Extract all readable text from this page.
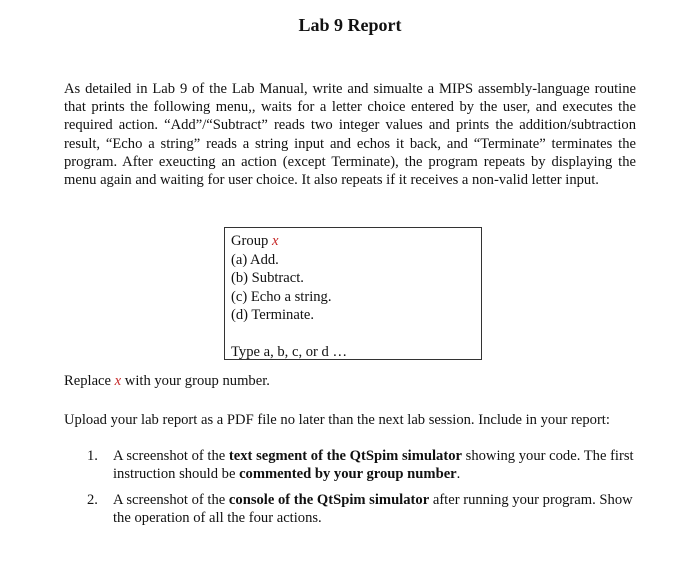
Lab 9 Report
As detailed in Lab 9 of the Lab Manual, write and simualte a MIPS assembly-language routine that prints the following menu,, waits for a letter choice entered by the user, and executes the required action. “Add”/“Subtract” reads two integer values and prints the addition/subtraction result, “Echo a string” reads a string input and echos it back, and “Terminate” terminates the program. After exeucting an action (except Terminate), the program repeats by displaying the menu again and waiting for user choice. It also repeats if it receives a non-valid letter input.
Group x
(a) Add.
(b) Subtract.
(c) Echo a string.
(d) Terminate.
Type a, b, c, or d …
Replace x with your group number.
Upload your lab report as a PDF file no later than the next lab session. Include in your report:
1. A screenshot of the text segment of the QtSpim simulator showing your code. The first instruction should be commented by your group number.
2. A screenshot of the console of the QtSpim simulator after running your program. Show the operation of all the four actions.
